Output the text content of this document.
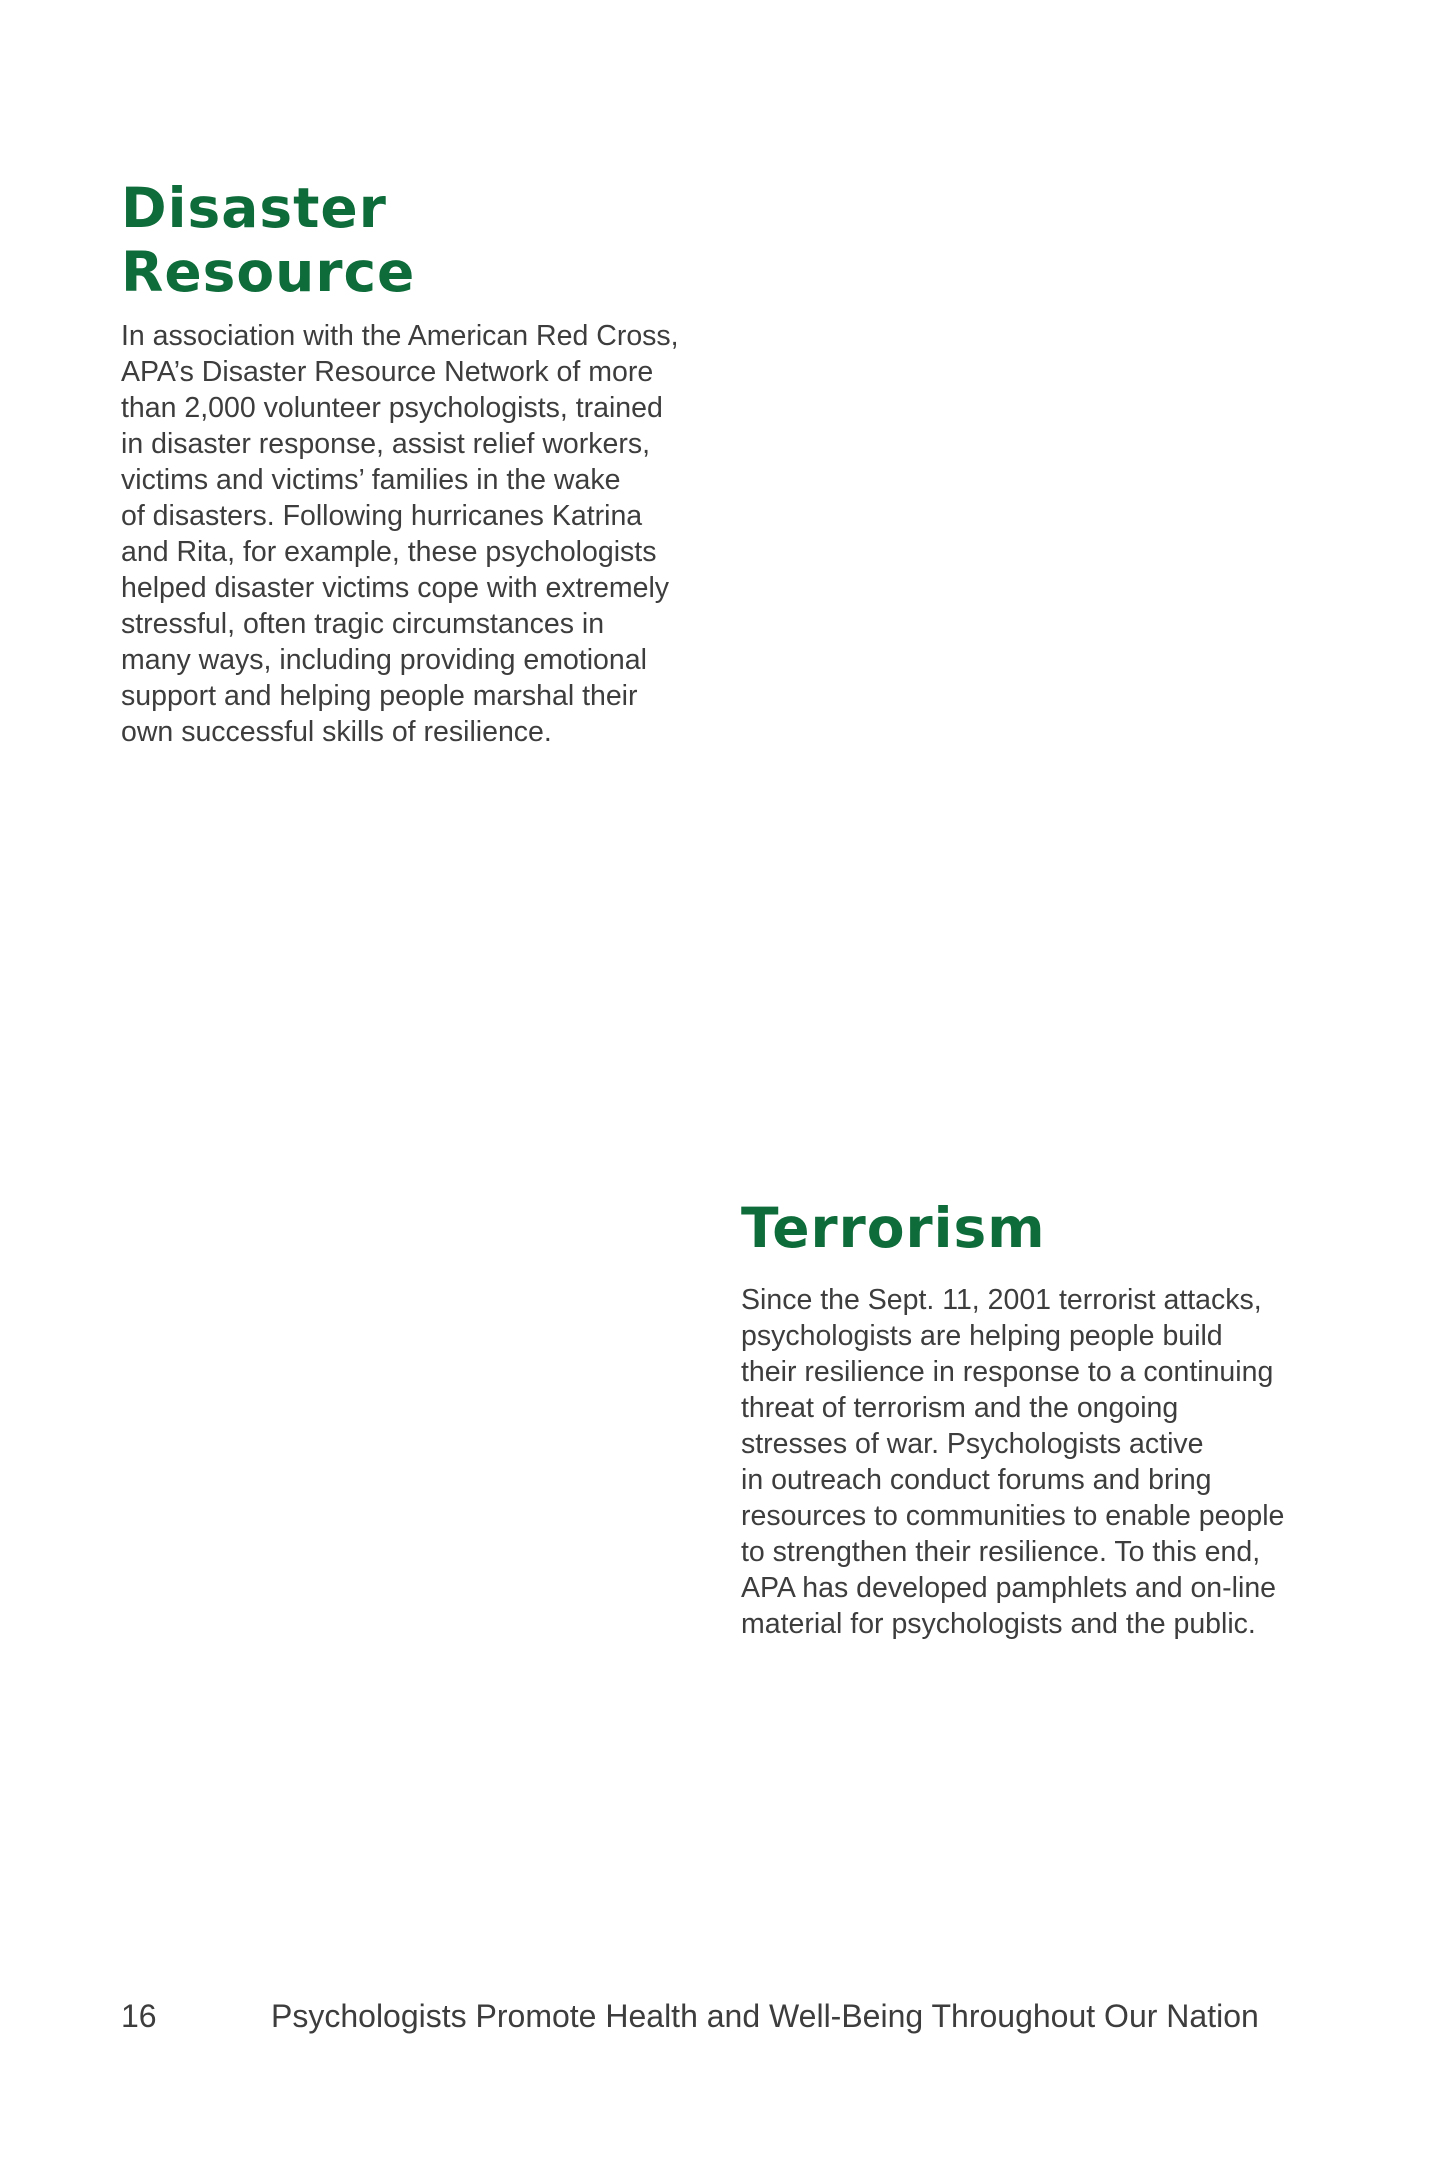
Disaster
Resource

In association with the American Red Cross,
APA’s Disaster Resource Network of more
than 2,000 volunteer psychologists, trained
in disaster response, assist relief workers,
victims and victims’ families in the wake
of disasters. Following hurricanes Katrina
and Rita, for example, these psychologists
helped disaster victims cope with extremely
stressful, often tragic circumstances in
many ways, including providing emotional
support and helping people marshal their
own successful skills of resilience.

Terrorism

Since the Sept. 11, 2001 terrorist attacks,
psychologists are helping people build
their resilience in response to a continuing
threat of terrorism and the ongoing
stresses of war. Psychologists active
in outreach conduct forums and bring
resources to communities to enable people
to strengthen their resilience. To this end,
APA has developed pamphlets and on-line
material for psychologists and the public.

16	Psychologists Promote Health and Well-Being Throughout Our Nation
